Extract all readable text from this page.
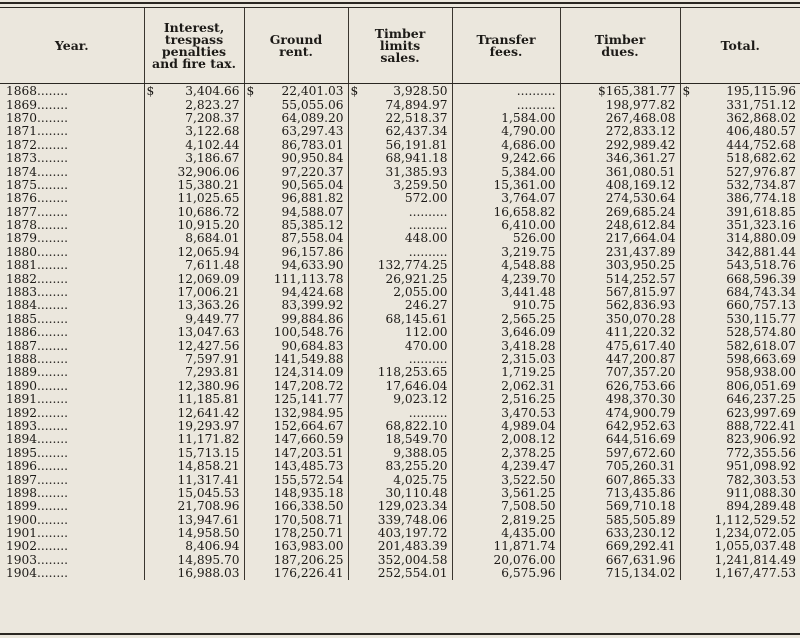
Year.	Interest,
trespass
penalties
and fire tax.	Ground
rent.	Timber
limits
sales.	Transfer
fees.	Timber
dues.	Total.
1868........	$ 3,404.66	$ 22,401.03	$ 3,928.50	..........	$165,381.77	$ 195,115.96

1869........	2,823.27	55,055.06	74,894.97	..........	198,977.82	331,751.12
1870........	7,208.37	64,089.20	22,518.37	1,584.00	267,468.08	362,868.02
1871........	3,122.68	63,297.43	62,437.34	4,790.00	272,833.12	406,480.57
1872........	4,102.44	86,783.01	56,191.81	4,686.00	292,989.42	444,752.68
1873........	3,186.67	90,950.84	68,941.18	9,242.66	346,361.27	518,682.62
1874........	32,906.06	97,220.37	31,385.93	5,384.00	361,080.51	527,976.87
1875........	15,380.21	90,565.04	3,259.50	15,361.00	408,169.12	532,734.87
1876........	11,025.65	96,881.82	572.00	3,764.07	274,530.64	386,774.18
1877........	10,686.72	94,588.07	..........	16,658.82	269,685.24	391,618.85
1878........	10,915.20	85,385.12	..........	6,410.00	248,612.84	351,323.16
1879........	8,684.01	87,558.04	448.00	526.00	217,664.04	314,880.09
1880........	12,065.94	96,157.86	..........	3,219.75	231,437.89	342,881.44
1881........	7,611.48	94,633.90	132,774.25	4,548.88	303,950.25	543,518.76
1882........	12,069.09	111,113.78	26,921.25	4,239.70	514,252.57	668,596.39
1883........	17,006.21	94,424.68	2,055.00	3,441.48	567,815.97	684,743.34
1884........	13,363.26	83,399.92	246.27	910.75	562,836.93	660,757.13
1885........	9,449.77	99,884.86	68,145.61	2,565.25	350,070.28	530,115.77
1886........	13,047.63	100,548.76	112.00	3,646.09	411,220.32	528,574.80
1887........	12,427.56	90,684.83	470.00	3,418.28	475,617.40	582,618.07
1888........	7,597.91	141,549.88	..........	2,315.03	447,200.87	598,663.69
1889........	7,293.81	124,314.09	118,253.65	1,719.25	707,357.20	958,938.00
1890........	12,380.96	147,208.72	17,646.04	2,062.31	626,753.66	806,051.69
1891........	11,185.81	125,141.77	9,023.12	2,516.25	498,370.30	646,237.25
1892........	12,641.42	132,984.95	..........	3,470.53	474,900.79	623,997.69
1893........	19,293.97	152,664.67	68,822.10	4,989.04	642,952.63	888,722.41
1894........	11,171.82	147,660.59	18,549.70	2,008.12	644,516.69	823,906.92
1895........	15,713.15	147,203.51	9,388.05	2,378.25	597,672.60	772,355.56
1896........	14,858.21	143,485.73	83,255.20	4,239.47	705,260.31	951,098.92
1897........	11,317.41	155,572.54	4,025.75	3,522.50	607,865.33	782,303.53
1898........	15,045.53	148,935.18	30,110.48	3,561.25	713,435.86	911,088.30
1899........	21,708.96	166,338.50	129,023.34	7,508.50	569,710.18	894,289.48
1900........	13,947.61	170,508.71	339,748.06	2,819.25	585,505.89	1,112,529.52
1901........	14,958.50	178,250.71	403,197.72	4,435.00	633,230.12	1,234,072.05
1902........	8,406.94	163,983.00	201,483.39	11,871.74	669,292.41	1,055,037.48
1903........	14,895.70	187,206.25	352,004.58	20,076.00	667,631.96	1,241,814.49
1904........	16,988.03	176,226.41	252,554.01	6,575.96	715,134.02	1,167,477.53
